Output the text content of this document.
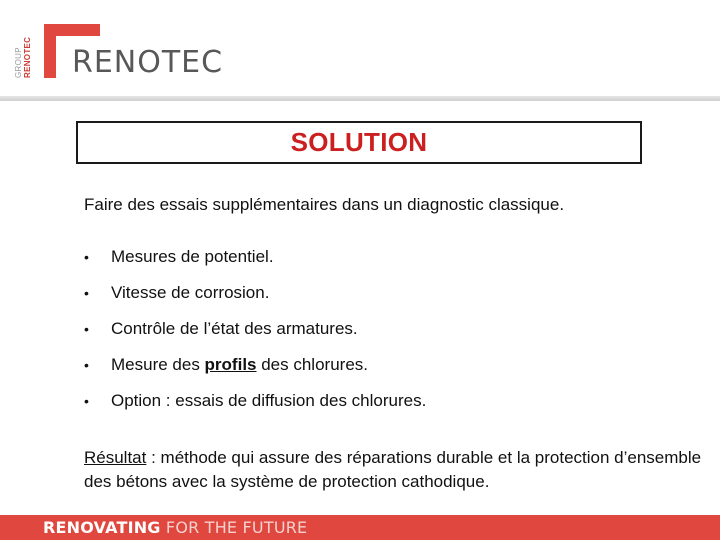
GROUP RENOTEC RENOTEC
SOLUTION
Faire des essais supplémentaires dans un diagnostic classique.
•	Mesures de potentiel.
•	Vitesse de corrosion.
•	Contrôle de l’état des armatures.
•	Mesure des profils des chlorures.
•	Option : essais de diffusion des chlorures.
Résultat : méthode qui assure des réparations durable et la protection d’ensemble des bétons avec la système de protection cathodique.
RENOVATING FOR THE FUTURE
